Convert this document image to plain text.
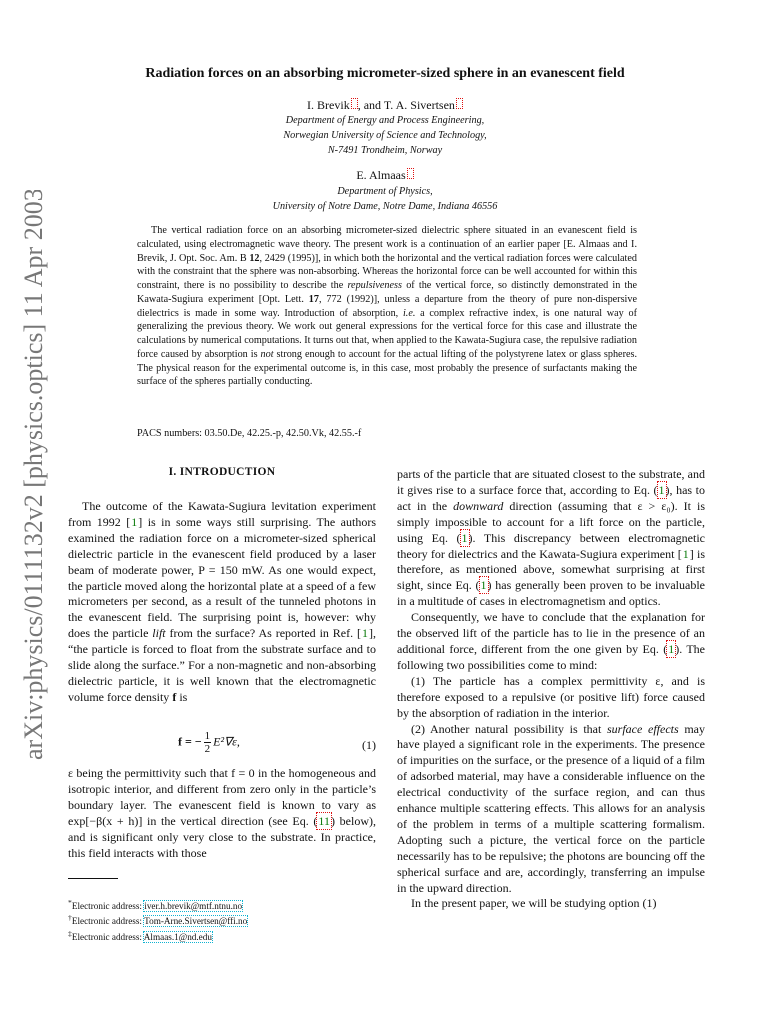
arXiv:physics/0111132v2 [physics.optics] 11 Apr 2003
Radiation forces on an absorbing micrometer-sized sphere in an evanescent field
I. Brevik , and T. A. Sivertsen
Department of Energy and Process Engineering,
Norwegian University of Science and Technology,
N-7491 Trondheim, Norway
E. Almaas
Department of Physics,
University of Notre Dame, Notre Dame, Indiana 46556
The vertical radiation force on an absorbing micrometer-sized dielectric sphere situated in an evanescent field is calculated, using electromagnetic wave theory. The present work is a continuation of an earlier paper [E. Almaas and I. Brevik, J. Opt. Soc. Am. B 12, 2429 (1995)], in which both the horizontal and the vertical radiation forces were calculated with the constraint that the sphere was non-absorbing. Whereas the horizontal force can be well accounted for within this constraint, there is no possibility to describe the repulsiveness of the vertical force, so distinctly demonstrated in the Kawata-Sugiura experiment [Opt. Lett. 17, 772 (1992)], unless a departure from the theory of pure non-dispersive dielectrics is made in some way. Introduction of absorption, i.e. a complex refractive index, is one natural way of generalizing the previous theory. We work out general expressions for the vertical force for this case and illustrate the calculations by numerical computations. It turns out that, when applied to the Kawata-Sugiura case, the repulsive radiation force caused by absorption is not strong enough to account for the actual lifting of the polystyrene latex or glass spheres. The physical reason for the experimental outcome is, in this case, most probably the presence of surfactants making the surface of the spheres partially conducting.
PACS numbers: 03.50.De, 42.25.-p, 42.50.Vk, 42.55.-f
I. INTRODUCTION

The outcome of the Kawata-Sugiura levitation experiment from 1992 [1] is in some ways still surprising. The authors examined the radiation force on a micrometer-sized spherical dielectric particle in the evanescent field produced by a laser beam of moderate power, P = 150 mW. As one would expect, the particle moved along the horizontal plate at a speed of a few micrometers per second, as a result of the tunneled photons in the evanescent field. The surprising point is, however: why does the particle lift from the surface? As reported in Ref. [1], “the particle is forced to float from the substrate surface and to slide along the surface.” For a non-magnetic and non-absorbing dielectric particle, it is well known that the electromagnetic volume force density f is

f = − $\frac{1}{2} E^2\nabla\varepsilon$,	(1)

ε being the permittivity such that f = 0 in the homogeneous and isotropic interior, and different from zero only in the particle’s boundary layer. The evanescent field is known to vary as exp[−β(x + h)] in the vertical direction (see Eq. (11) below), and is significant only very close to the substrate. In practice, this field interacts with those

*Electronic address: iver.h.brevik@mtf.ntnu.no
†Electronic address: Tom-Arne.Sivertsen@ffi.no
‡Electronic address: Almaas.1@nd.edu

parts of the particle that are situated closest to the substrate, and it gives rise to a surface force that, according to Eq. (1), has to act in the downward direction (assuming that ε > ε₀). It is simply impossible to account for a lift force on the particle, using Eq. (1). This discrepancy between electromagnetic theory for dielectrics and the Kawata-Sugiura experiment [1] is therefore, as mentioned above, somewhat surprising at first sight, since Eq. (1) has generally been proven to be invaluable in a multitude of cases in electromagnetism and optics.

Consequently, we have to conclude that the explanation for the observed lift of the particle has to lie in the presence of an additional force, different from the one given by Eq. (1). The following two possibilities come to mind:

(1) The particle has a complex permittivity ε, and is therefore exposed to a repulsive (or positive lift) force caused by the absorption of radiation in the interior.

(2) Another natural possibility is that surface effects may have played a significant role in the experiments. The presence of impurities on the surface, or the presence of a liquid of a film of adsorbed material, may have a considerable influence on the electrical conductivity of the surface region, and can thus enhance multiple scattering effects. This allows for an analysis of the problem in terms of a multiple scattering formalism. Adopting such a picture, the vertical force on the particle necessarily has to be repulsive; the photons are bouncing off the spherical surface and are, accordingly, transferring an impulse in the upward direction.

In the present paper, we will be studying option (1)
